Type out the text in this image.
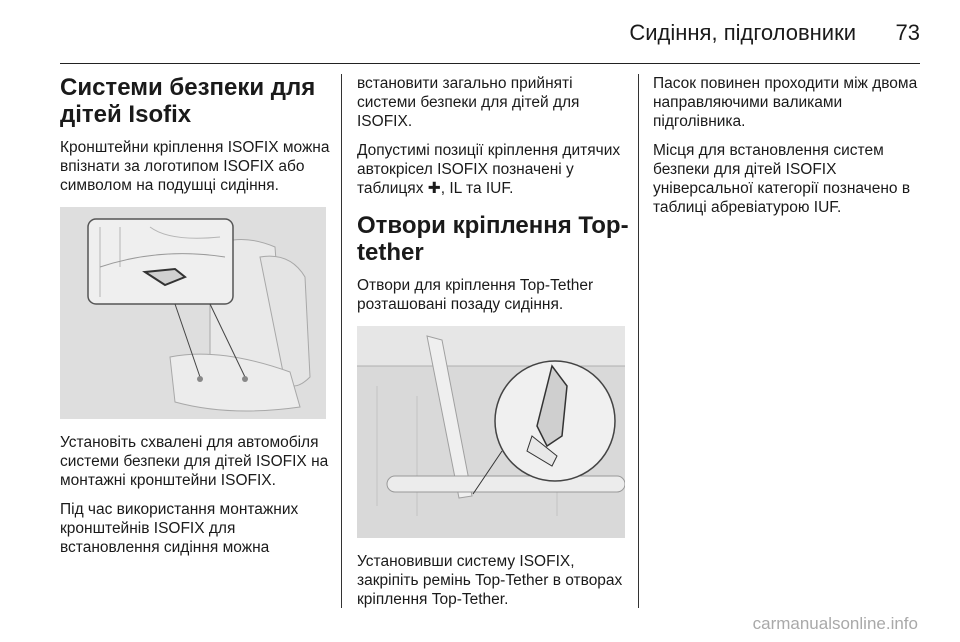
Сидіння, підголовники 73
Системи безпеки для дітей Isofix

Кронштейни кріплення ISOFIX можна впізнати за логотипом ISOFIX або символом на подушці сидіння.

Установіть схвалені для автомобіля системи безпеки для дітей ISOFIX на монтажні кронштейни ISOFIX.

Під час використання монтажних кронштейнів ISOFIX для встановлення сидіння можна

встановити загально прийняті системи безпеки для дітей для ISOFIX.

Допустимі позиції кріплення дитячих автокрісел ISOFIX позначені у таблицях ✚, IL та IUF.

Отвори кріплення Top-tether

Отвори для кріплення Top-Tether розташовані позаду сидіння.

Установивши систему ISOFIX, закріпіть ремінь Top-Tether в отворах кріплення Top-Tether.

Пасок повинен проходити між двома направляючими валиками підголівника.

Місця для встановлення систем безпеки для дітей ISOFIX універсальної категорії позначено в таблиці абревіатурою IUF.

carmanualsonline.info
